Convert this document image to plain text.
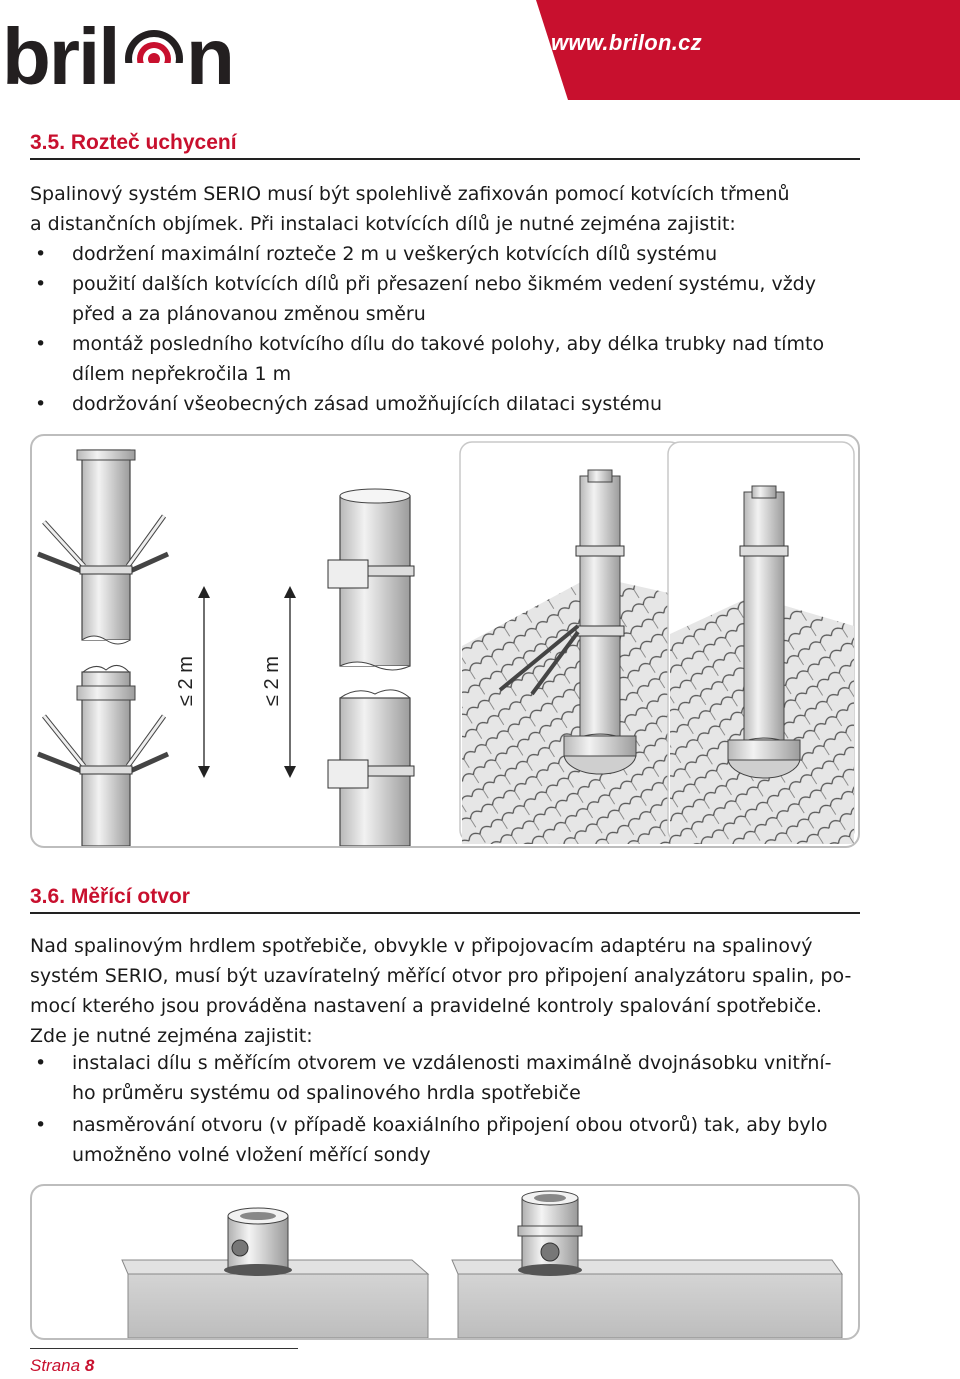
bril n	www.brilon.cz
3.5. Rozteč uchycení
Spalinový systém SERIO musí být spolehlivě zafixován pomocí kotvících třmenů
a distančních objímek. Při instalaci kotvících dílů je nutné zejména zajistit:
• dodržení maximální rozteče 2 m u veškerých kotvících dílů systému
• použití dalších kotvících dílů při přesazení nebo šikmém vedení systému, vždy
před a za plánovanou změnou směru
• montáž posledního kotvícího dílu do takové polohy, aby délka trubky nad tímto
dílem nepřekročila 1 m
• dodržování všeobecných zásad umožňujících dilataci systému
≤ 2 m	≤ 2 m
3.6. Měřící otvor
Nad spalinovým hrdlem spotřebiče, obvykle v připojovacím adaptéru na spalinový
systém SERIO, musí být uzavíratelný měřící otvor pro připojení analyzátoru spalin, po-
mocí kterého jsou prováděna nastavení a pravidelné kontroly spalování spotřebiče.
Zde je nutné zejména zajistit:
• instalaci dílu s měřícím otvorem ve vzdálenosti maximálně dvojnásobku vnitřní-
ho průměru systému od spalinového hrdla spotřebiče
• nasměrování otvoru (v případě koaxiálního připojení obou otvorů) tak, aby bylo
umožněno volné vložení měřící sondy
Strana 8
